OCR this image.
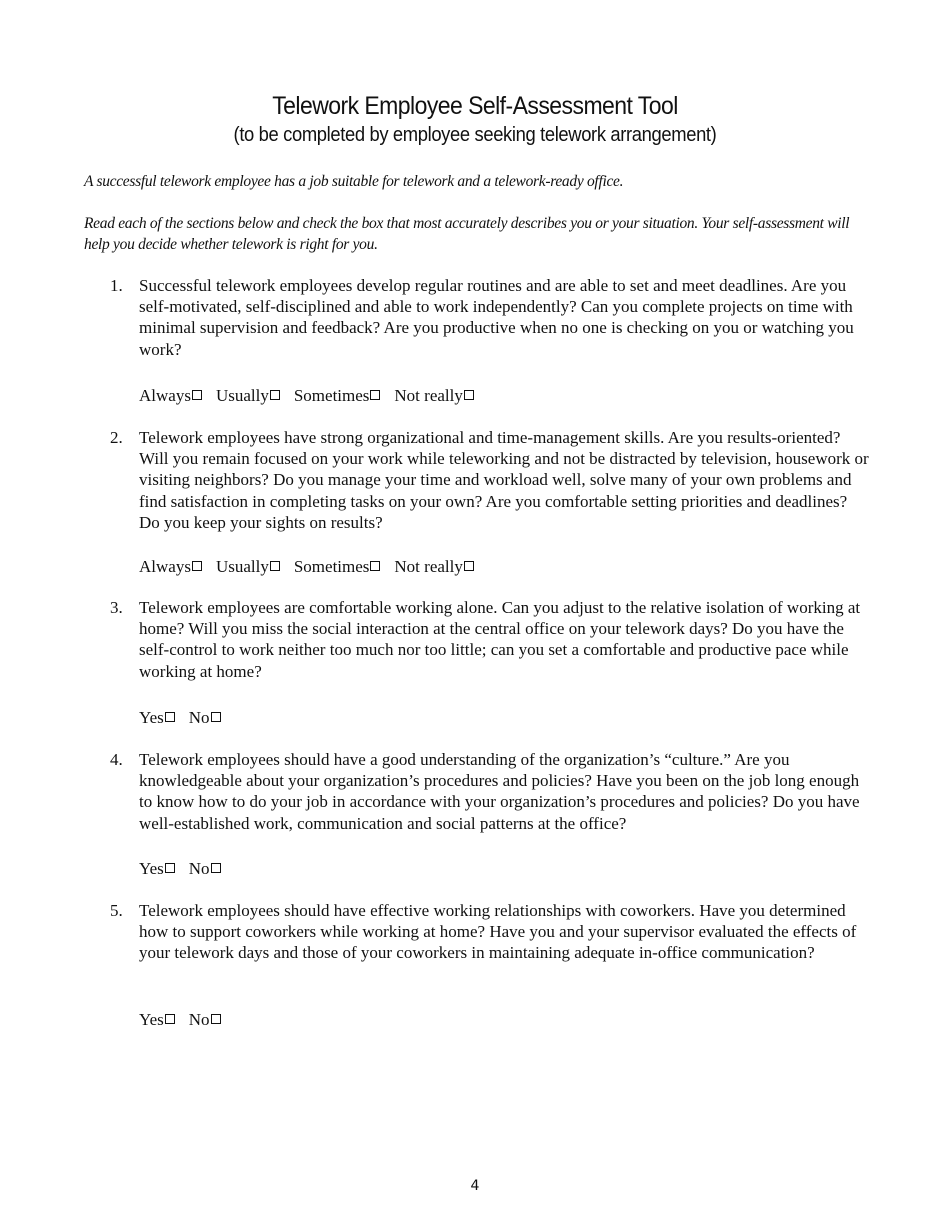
Telework Employee Self-Assessment Tool
(to be completed by employee seeking telework arrangement)

A successful telework employee has a job suitable for telework and a telework-ready office.

Read each of the sections below and check the box that most accurately describes you or your situation. Your self-assessment will help you decide whether telework is right for you.

1. Successful telework employees develop regular routines and are able to set and meet deadlines. Are you self-motivated, self-disciplined and able to work independently? Can you complete projects on time with minimal supervision and feedback? Are you productive when no one is checking on you or watching you work?

Always Usually Sometimes Not really
2. Telework employees have strong organizational and time-management skills. Are you results-oriented? Will you remain focused on your work while teleworking and not be distracted by television, housework or visiting neighbors? Do you manage your time and workload well, solve many of your own problems and find satisfaction in completing tasks on your own? Are you comfortable setting priorities and deadlines? Do you keep your sights on results?

Always Usually Sometimes Not really
3. Telework employees are comfortable working alone. Can you adjust to the relative isolation of working at home? Will you miss the social interaction at the central office on your telework days? Do you have the self-control to work neither too much nor too little; can you set a comfortable and productive pace while working at home?

Yes No
4. Telework employees should have a good understanding of the organization’s “culture.” Are you knowledgeable about your organization’s procedures and policies? Have you been on the job long enough to know how to do your job in accordance with your organization’s procedures and policies? Do you have well-established work, communication and social patterns at the office?

Yes No
5. Telework employees should have effective working relationships with coworkers. Have you determined how to support coworkers while working at home? Have you and your supervisor evaluated the effects of your telework days and those of your coworkers in maintaining adequate in-office communication?

Yes No
4
